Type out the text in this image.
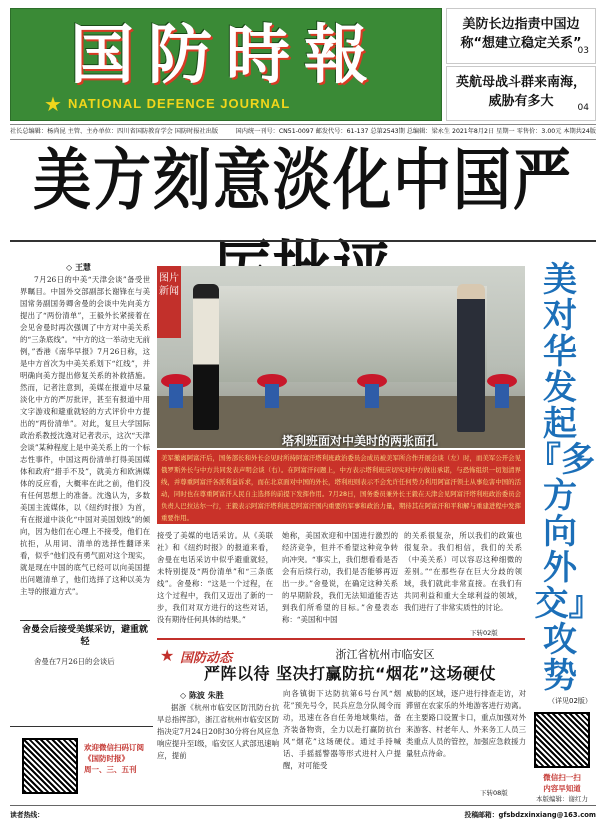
国防時報
★ NATIONAL DEFENCE JOURNAL
美防长边指责中国边称“想建立稳定关系”
03
英航母战斗群来南海，威胁有多大	04
社长总编辑：杨尚昆 主管、主办单位：四川省国防教育学会 国防时报社出版	国内统一刊号：CN51-0097 邮发代号：61-137 总第2543期 总编辑：梁永生 2021年8月2日 星期一 零售价：3.00元 本期共24版
美方刻意淡化中国严
◇ 王慧
7月26日的中美“天津会谈”备受世界瞩目。中国外交部副部长谢锋在与美国常务副国务卿舍曼的会谈中先向美方提出了“两份清单”，王毅外长紧接着在会见舍曼时再次强调了中方对中美关系的“三条底线”。“中方的这一举动史无前例，”香港《南华早报》7月26日称，这是中方首次为中美关系划下“红线”，并明确向美方提出修复关系的补救措施。然而，记者注意到，美媒在报道中尽量淡化中方的严厉批评，甚至有报道中用文字游戏和避重就轻的方式评价中方提出的“两份清单”。对此，复旦大学国际政治系教授沈逸对记者表示，这次“天津会谈”某种程度上是中美关系上的一个标志性事件，中国这两份清单打得美国媒体和政府“措手不及”，就美方和欧洲媒体的反应看，大概率在此之前，他们没有任何思想上的准备。沈逸认为，多数美国主流媒体，以《纽约时报》为首，有在报道中淡化“中国对美国划线”的倾向，因为他们在心理上不接受，他们在抗拒，从用词、清单的选择性翻译来看，似乎“他们没有勇气面对这个现实，就是现在中国的底气已经可以向美国提出问题清单了，他们选择了这种以美为主导的报道方式”。
接受了美媒的电话采访。从《美联社》和《纽约时报》的报道来看，舍曼在电话采访中似乎避重就轻，未特别提及“两份清单”和“三条底线”。舍曼称：“这是一个过程，在这个过程中，我们又迈出了新的一步，我们对双方进行的这些对话，没有期待任何具体的结果。”
她称，美国欢迎和中国进行激烈的经济竞争，但并不希望这种竞争转向冲突。“事实上，我们想看看是否会有后续行动，我们是否能够再迈出一步。”舍曼说，在确定这种关系的早期阶段，我们无法知道能否达到我们所希望的目标。”舍曼表态称：“美国和中国
的关系很复杂，所以我们的政策也很复杂。我们相信，我们的关系（中美关系）可以容忍这种细微的差别。”“在那些存在巨大分歧的领域，我们就此非常直接。在我们有共同利益和重大全球利益的领域，我们进行了非常实质性的讨论。
下转02版
图片新闻
塔利班面对中美时的两张面孔
美军撤离阿富汗后，国务部长和外长会见时所持阿富汗塔利班政治委员会成员被美军所合作开展会谈（左）时，而美军公开会见俄罗斯外长与中方共同发表声明会谈（右）。在阿富汗问题上，中方表示塔利班应切实对中方做出承诺，与恐怖组织一切划清界线，并尊重阿富汗各派利益诉求，而在北京面对中国的外长，塔利班则表示不会允许任何势力利用阿富汗领土从事危害中国的活动，同时也在尊重阿富汗人民自主选择的前提下发挥作用。7月28日，国务委员兼外长王毅在天津会见阿富汗塔利班政治委员会负责人巴拉达尔一行，王毅表示阿富汗塔利班是阿富汗国内重要的军事和政治力量，期待其在阿富汗和平和解与重建进程中发挥重要作用。
美对华发起『多方向外交』攻势
（详见02版）
舍曼会后接受美媒采访，避重就轻
舍曼在7月26日的会谈后	★ 国防动态	浙江省杭州市临安区
严阵以待 坚决打赢防抗“烟花”这场硬仗
◇ 陈波 朱胜
据浙《杭州市临安区防汛防台抗旱总指挥部》，浙江省杭州市临安区防指决定7月24日20时30分将台风应急响应提升至Ⅰ级，临安区人武部迅速响应，提前
向各镇街下达防抗第6号台风“烟花”预先号令，民兵应急分队闻令而动，迅速在各自任务地域集结，备齐装备物资，全力以赴打赢防抗台风“烟花”这场硬仗。通过手持喊话、手摇摇警器等形式进村入户提醒，对可能受
威胁的区域，逐户进行排查走访，对滞留在农家乐的外地游客进行劝离。在主要路口设置卡口，重点加强对外来游客、村老年人、外来务工人员三类重点人员的管控，加强应急救援力量驻点待命。
下转08版
欢迎微信扫码订阅
《国防时报》
周一、三、五刊
微信扫一扫
内容早知道
本版编辑：谢红力
读者热线：	投稿邮箱：gfsbdzxinxiang@163.com
